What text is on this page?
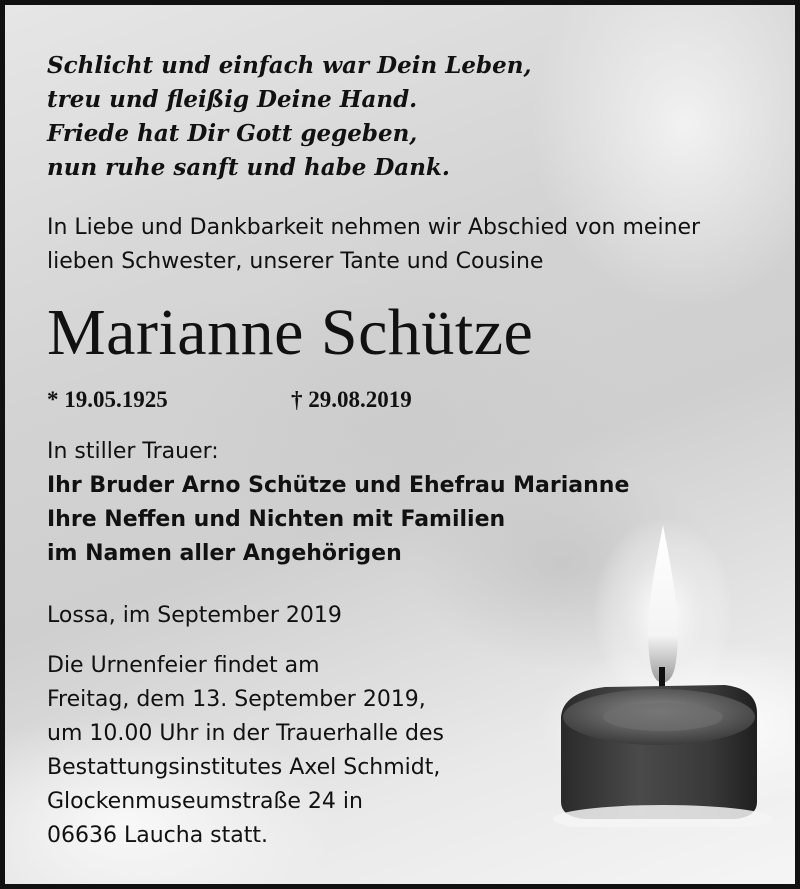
Schlicht und einfach war Dein Leben,
treu und fleißig Deine Hand.
Friede hat Dir Gott gegeben,
nun ruhe sanft und habe Dank.
In Liebe und Dankbarkeit nehmen wir Abschied von meiner
lieben Schwester, unserer Tante und Cousine
Marianne Schütze
* 19.05.1925	† 29.08.2019
In stiller Trauer:
Ihr Bruder Arno Schütze und Ehefrau Marianne
Ihre Neffen und Nichten mit Familien
im Namen aller Angehörigen
Lossa, im September 2019
Die Urnenfeier findet am
Freitag, dem 13. September 2019,
um 10.00 Uhr in der Trauerhalle des
Bestattungsinstitutes Axel Schmidt,
Glockenmuseumstraße 24 in
06636 Laucha statt.
